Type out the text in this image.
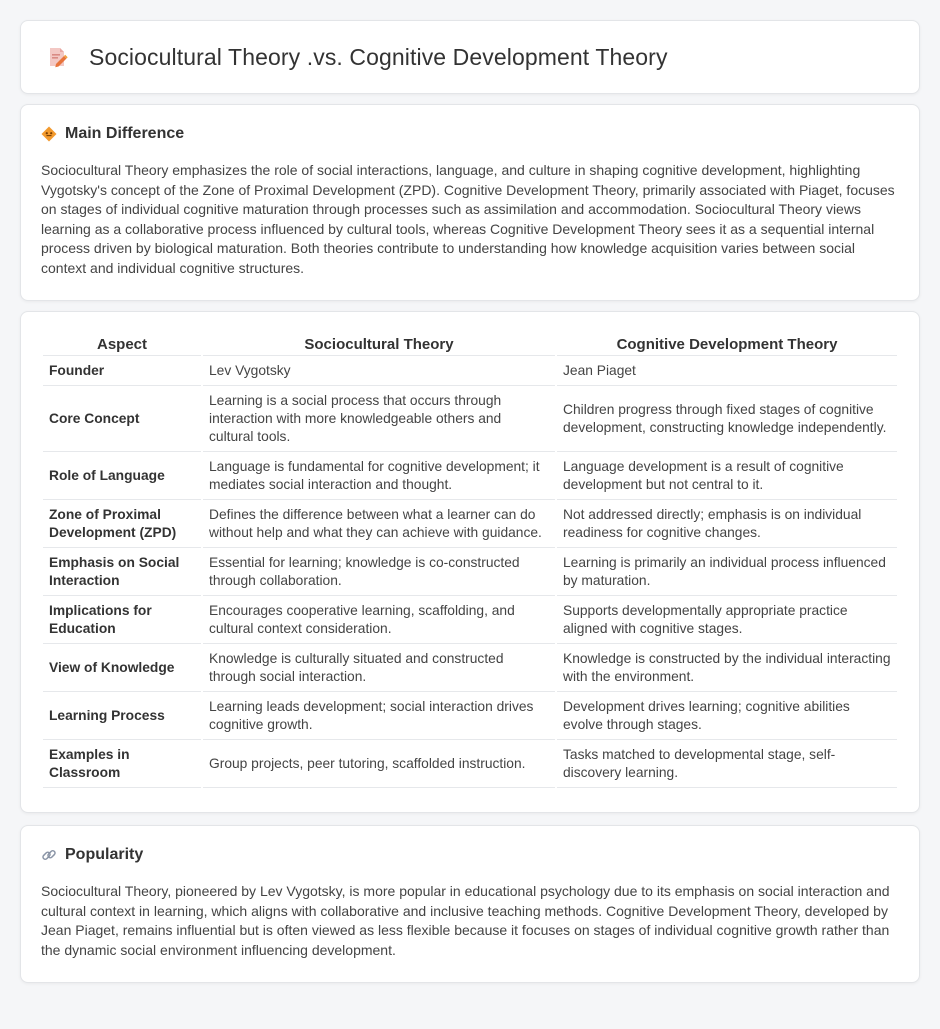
Sociocultural Theory .vs. Cognitive Development Theory
Main Difference

Sociocultural Theory emphasizes the role of social interactions, language, and culture in shaping cognitive development, highlighting Vygotsky's concept of the Zone of Proximal Development (ZPD). Cognitive Development Theory, primarily associated with Piaget, focuses on stages of individual cognitive maturation through processes such as assimilation and accommodation. Sociocultural Theory views learning as a collaborative process influenced by cultural tools, whereas Cognitive Development Theory sees it as a sequential internal process driven by biological maturation. Both theories contribute to understanding how knowledge acquisition varies between social context and individual cognitive structures.

Aspect	Sociocultural Theory	Cognitive Development Theory
Founder	Lev Vygotsky	Jean Piaget
Core Concept	Learning is a social process that occurs through interaction with more knowledgeable others and cultural tools.	Children progress through fixed stages of cognitive development, constructing knowledge independently.
Role of Language	Language is fundamental for cognitive development; it mediates social interaction and thought.	Language development is a result of cognitive development but not central to it.
Zone of Proximal Development (ZPD)	Defines the difference between what a learner can do without help and what they can achieve with guidance.	Not addressed directly; emphasis is on individual readiness for cognitive changes.
Emphasis on Social Interaction	Essential for learning; knowledge is co-constructed through collaboration.	Learning is primarily an individual process influenced by maturation.
Implications for Education	Encourages cooperative learning, scaffolding, and cultural context consideration.	Supports developmentally appropriate practice aligned with cognitive stages.
View of Knowledge	Knowledge is culturally situated and constructed through social interaction.	Knowledge is constructed by the individual interacting with the environment.
Learning Process	Learning leads development; social interaction drives cognitive growth.	Development drives learning; cognitive abilities evolve through stages.
Examples in Classroom	Group projects, peer tutoring, scaffolded instruction.	Tasks matched to developmental stage, self-discovery learning.
Popularity

Sociocultural Theory, pioneered by Lev Vygotsky, is more popular in educational psychology due to its emphasis on social interaction and cultural context in learning, which aligns with collaborative and inclusive teaching methods. Cognitive Development Theory, developed by Jean Piaget, remains influential but is often viewed as less flexible because it focuses on stages of individual cognitive growth rather than the dynamic social environment influencing development.
